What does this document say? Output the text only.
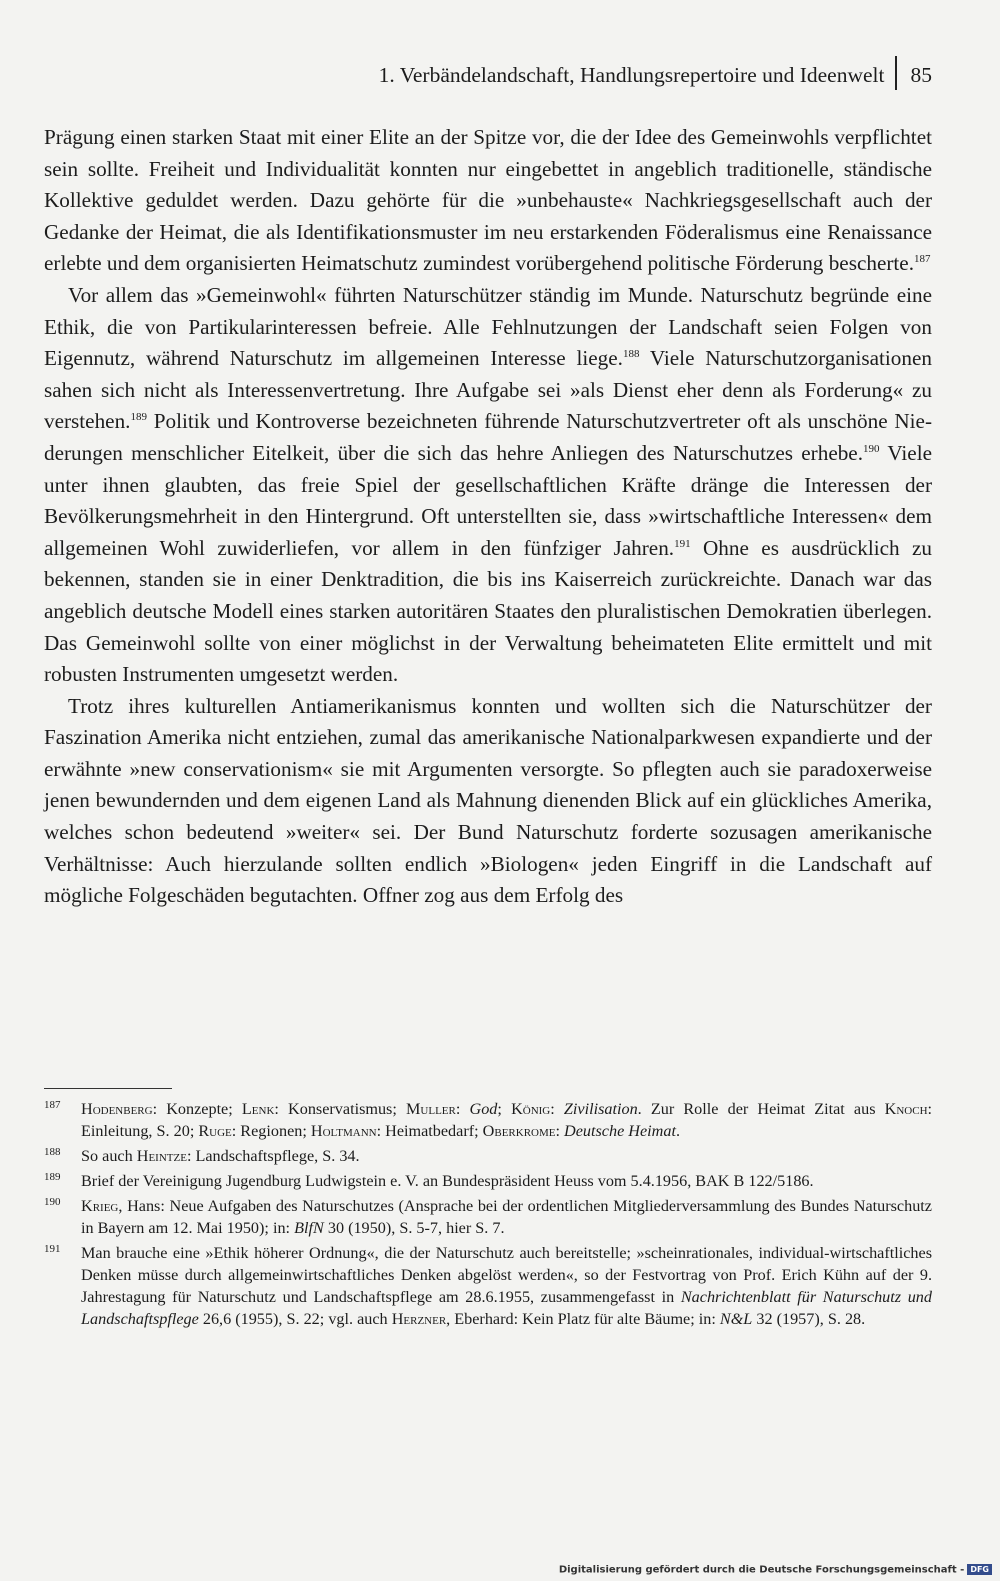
1. Verbändelandschaft, Handlungsrepertoire und Ideenwelt 85

Prägung einen starken Staat mit einer Elite an der Spitze vor, die der Idee des Gemeinwohls verpflichtet sein sollte. Freiheit und Individualität konnten nur eingebettet in angeblich traditionelle, ständische Kollektive geduldet werden. Dazu gehörte für die »unbehauste« Nachkriegsgesellschaft auch der Gedanke der Heimat, die als Identifikationsmuster im neu erstarkenden Föderalismus eine Renaissance erlebte und dem organisierten Heimatschutz zumindest vorübergehend politische Förderung bescherte.$^{187}$

Vor allem das »Gemeinwohl« führten Naturschützer ständig im Munde. Naturschutz begründe eine Ethik, die von Partikularinteressen befreie. Alle Fehlnutzungen der Landschaft seien Folgen von Eigennutz, während Naturschutz im allgemeinen Interesse liege.$^{188}$ Viele Naturschutzorganisationen sahen sich nicht als Interessenvertretung. Ihre Aufgabe sei »als Dienst eher denn als Forderung« zu verstehen.$^{189}$ Politik und Kontroverse bezeichneten führende Naturschutzvertreter oft als unschöne Niederungen menschlicher Eitelkeit, über die sich das hehre Anliegen des Naturschutzes erhebe.$^{190}$ Viele unter ihnen glaubten, das freie Spiel der gesellschaftlichen Kräfte dränge die Interessen der Bevölkerungsmehrheit in den Hintergrund. Oft unterstellten sie, dass »wirtschaftliche Interessen« dem allgemeinen Wohl zuwiderliefen, vor allem in den fünfziger Jahren.$^{191}$ Ohne es ausdrücklich zu bekennen, standen sie in einer Denktradition, die bis ins Kaiserreich zurückreichte. Danach war das angeblich deutsche Modell eines starken autoritären Staates den pluralistischen Demokratien überlegen. Das Gemeinwohl sollte von einer möglichst in der Verwaltung beheimateten Elite ermittelt und mit robusten Instrumenten umgesetzt werden.

Trotz ihres kulturellen Antiamerikanismus konnten und wollten sich die Naturschützer der Faszination Amerika nicht entziehen, zumal das amerikanische Nationalparkwesen expandierte und der erwähnte »new conservationism« sie mit Argumenten versorgte. So pflegten auch sie paradoxerweise jenen bewundernden und dem eigenen Land als Mahnung dienenden Blick auf ein glückliches Amerika, welches schon bedeutend »weiter« sei. Der Bund Naturschutz forderte sozusagen amerikanische Verhältnisse: Auch hierzulande sollten endlich »Biologen« jeden Eingriff in die Landschaft auf mögliche Folgeschäden begutachten. Offner zog aus dem Erfolg des

187 Hodenberg: Konzepte; Lenk: Konservatismus; Muller: God; König: Zivilisation. Zur Rolle der Heimat Zitat aus Knoch: Einleitung, S. 20; Ruge: Regionen; Holtmann: Heimatbedarf; Oberkrome: Deutsche Heimat.
188 So auch Heintze: Landschaftspflege, S. 34.
189 Brief der Vereinigung Jugendburg Ludwigstein e. V. an Bundespräsident Heuss vom 5.4.1956, BAK B 122/5186.
190 Krieg, Hans: Neue Aufgaben des Naturschutzes (Ansprache bei der ordentlichen Mitgliederversammlung des Bundes Naturschutz in Bayern am 12. Mai 1950); in: BlfN 30 (1950), S. 5-7, hier S. 7.
191 Man brauche eine »Ethik höherer Ordnung«, die der Naturschutz auch bereitstelle; »scheinrationales, individual-wirtschaftliches Denken müsse durch allgemeinwirtschaftliches Denken abgelöst werden«, so der Festvortrag von Prof. Erich Kühn auf der 9. Jahrestagung für Naturschutz und Landschaftspflege am 28.6.1955, zusammengefasst in Nachrichtenblatt für Naturschutz und Landschaftspflege 26,6 (1955), S. 22; vgl. auch Herzner, Eberhard: Kein Platz für alte Bäume; in: N&L 32 (1957), S. 28.
Digitalisierung gefördert durch die Deutsche Forschungsgemeinschaft - DFG
